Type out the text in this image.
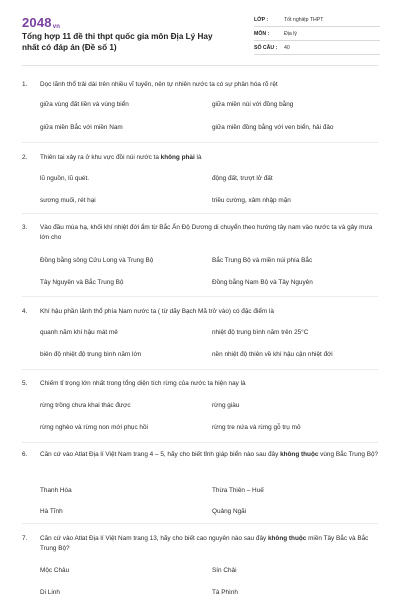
2048vn
Tổng hợp 11 đề thi thpt quốc gia môn Địa Lý Hay nhất có đáp án (Đề số 1)
LỚP :	Tốt nghiệp THPT
MÔN :	Địa lý
SỐ CÂU :	40
1. Dọc lãnh thổ trải dài trên nhiều vĩ tuyến, nên tự nhiên nước ta có sự phân hóa rõ rệt
giữa vùng đất liền và vùng biển	giữa miền núi với đồng bằng
giữa miền Bắc với miền Nam	giữa miền đồng bằng với ven biển, hải đảo
2. Thiên tai xảy ra ở khu vực đồi núi nước ta không phải là
lũ nguồn, lũ quét.	động đất, trượt lở đất
sương muối, rét hại	triều cường, xâm nhập mặn
3. Vào đầu mùa hạ, khối khí nhiệt đới ẩm từ Bắc Ấn Độ Dương di chuyển theo hướng tây nam vào nước ta và gây mưa lớn cho
Đồng bằng sông Cửu Long và Trung Bộ	Bắc Trung Bộ và miền núi phía Bắc
Tây Nguyên và Bắc Trung Bộ	Đồng bằng Nam Bộ và Tây Nguyên
4. Khí hậu phần lãnh thổ phía Nam nước ta ( từ dãy Bạch Mã trở vào) có đặc điểm là
quanh năm khí hậu mát mẻ	nhiệt độ trung bình năm trên 25°C
biên độ nhiệt độ trung bình năm lớn	nền nhiệt độ thiên về khí hậu cận nhiệt đới
5. Chiếm tỉ trọng lớn nhất trong tổng diện tích rừng của nước ta hiện nay là
rừng trồng chưa khai thác được	rừng giàu
rừng nghèo và rừng non mới phục hồi	rừng tre nứa và rừng gỗ trụ mỏ
6. Căn cứ vào Atlat Địa lí Việt Nam trang 4 – 5, hãy cho biết tỉnh giáp biển nào sau đây không thuộc vùng Bắc Trung Bộ?
Thanh Hóa	Thừa Thiên – Huế
Hà Tĩnh	Quảng Ngãi
7. Căn cứ vào Atlat Địa lí Việt Nam trang 13, hãy cho biết cao nguyên nào sau đây không thuộc miền Tây Bắc và Bắc Trung Bộ?
Mộc Châu	Sín Chải
Di Linh	Tà Phình
